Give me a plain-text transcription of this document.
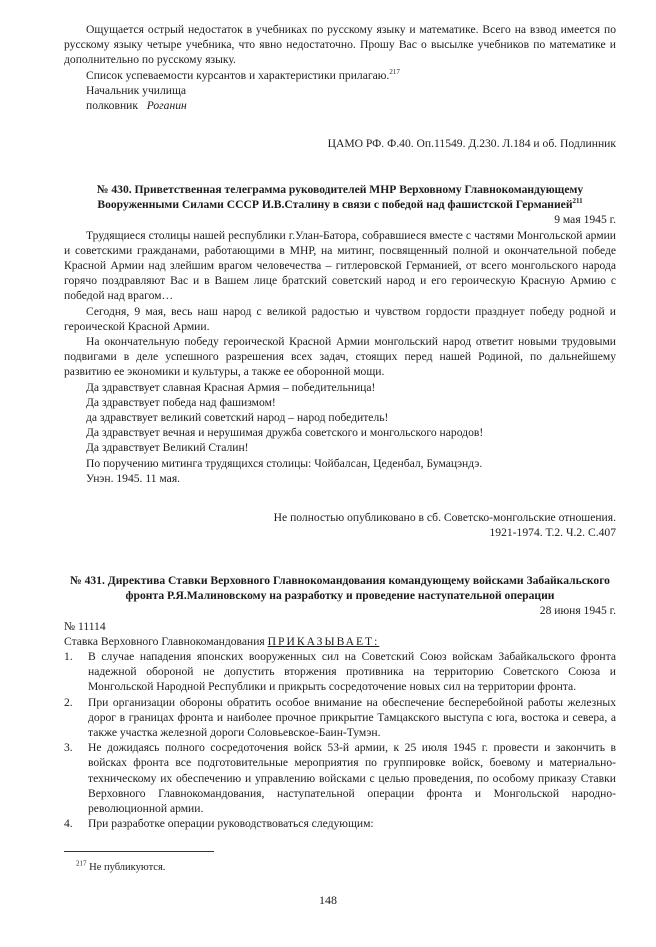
Ощущается острый недостаток в учебниках по русскому языку и математике. Всего на взвод имеется по русскому языку четыре учебника, что явно недостаточно. Прошу Вас о высылке учебников по математике и дополнительно по русскому языку.

Список успеваемости курсантов и характеристики прилагаю.$^{217}$

Начальник училища

полковник Роганин

ЦАМО РФ. Ф.40. Оп.11549. Д.230. Л.184 и об. Подлинник

№ 430. Приветственная телеграмма руководителей МНР Верховному Главнокомандующему Вооруженными Силами СССР И.В.Сталину в связи с победой над фашистской Германией$^{211}$

9 мая 1945 г.

Трудящиеся столицы нашей республики г.Улан-Батора, собравшиеся вместе с частями Монгольской армии и советскими гражданами, работающими в МНР, на митинг, посвященный полной и окончательной победе Красной Армии над злейшим врагом человечества – гитлеровской Германией, от всего монгольского народа горячо поздравляют Вас и в Вашем лице братский советский народ и его героическую Красную Армию с победой над врагом…

Сегодня, 9 мая, весь наш народ с великой радостью и чувством гордости празднует победу родной и героической Красной Армии.

На окончательную победу героической Красной Армии монгольский народ ответит новыми трудовыми подвигами в деле успешного разрешения всех задач, стоящих перед нашей Родиной, по дальнейшему развитию ее экономики и культуры, а также ее оборонной мощи.

Да здравствует славная Красная Армия – победительница!

Да здравствует победа над фашизмом!

да здравствует великий советский народ – народ победитель!

Да здравствует вечная и нерушимая дружба советского и монгольского народов!

Да здравствует Великий Сталин!

По поручению митинга трудящихся столицы: Чойбалсан, Цеденбал, Бумацэндэ.

Унэн. 1945. 11 мая.

Не полностью опубликовано в сб. Советско-монгольские отношения.

1921-1974. Т.2. Ч.2. С.407

№ 431. Директива Ставки Верховного Главнокомандования командующему войсками Забайкальского фронта Р.Я.Малиновскому на разработку и проведение наступательной операции

28 июня 1945 г.

№ 11114

Ставка Верховного Главнокомандования ПРИКАЗЫВАЕТ:

1. В случае нападения японских вооруженных сил на Советский Союз войскам Забайкальского фронта надежной обороной не допустить вторжения противника на территорию Советского Союза и Монгольской Народной Республики и прикрыть сосредоточение новых сил на территории фронта.
2. При организации обороны обратить особое внимание на обеспечение бесперебойной работы железных дорог в границах фронта и наиболее прочное прикрытие Тамцакского выступа с юга, востока и севера, а также участка железной дороги Соловьевское-Баин-Тумэн.
3. Не дожидаясь полного сосредоточения войск 53-й армии, к 25 июля 1945 г. провести и закончить в войсках фронта все подготовительные мероприятия по группировке войск, боевому и материально-техническому их обеспечению и управлению войсками с целью проведения, по особому приказу Ставки Верховного Главнокомандования, наступательной операции фронта и Монгольской народно-революционной армии.
4. При разработке операции руководствоваться следующим:
$^{217}$ Не публикуются.
148
